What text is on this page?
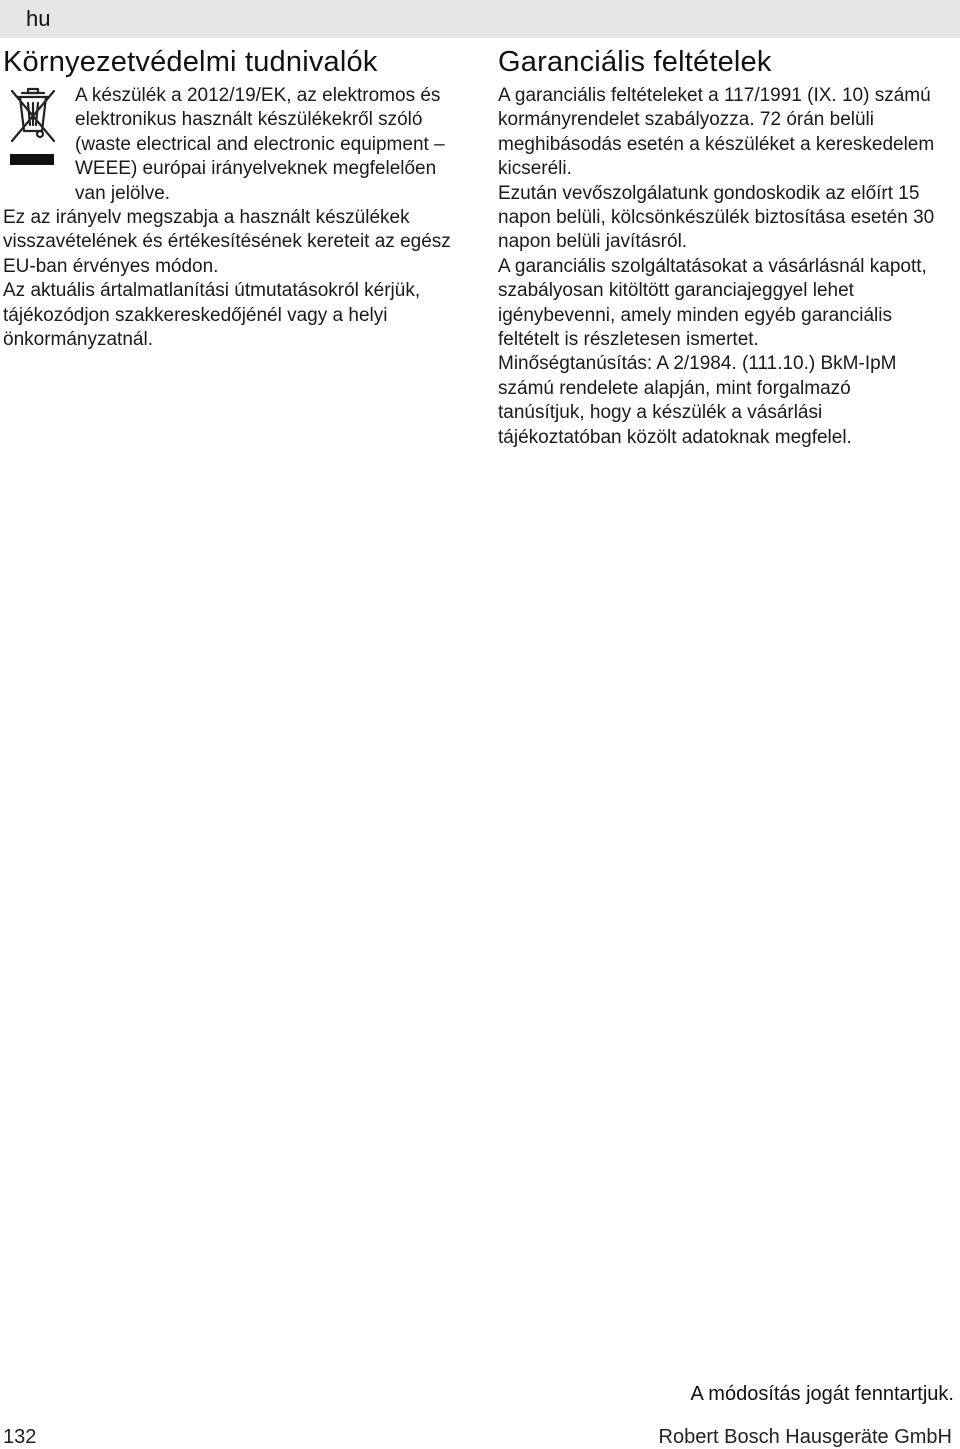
hu
Környezetvédelmi tudnivalók

A készülék a 2012/19/EK, az elektromos és elektronikus használt készülékekről szóló (waste electrical and electronic equipment – WEEE) európai irányelveknek megfelelően van jelölve.

Ez az irányelv megszabja a használt készülékek visszavételének és értékesítésének kereteit az egész EU-ban érvényes módon.

Az aktuális ártalmatlanítási útmutatásokról kérjük, tájékozódjon szakkereskedőjénél vagy a helyi önkormányzatnál.

Garanciális feltételek

A garanciális feltételeket a 117/1991 (IX. 10) számú kormányrendelet szabályozza. 72 órán belüli meghibásodás esetén a készüléket a kereskedelem kicseréli.

Ezután vevőszolgálatunk gondoskodik az előírt 15 napon belüli, kölcsönkészülék biztosítása esetén 30 napon belüli javításról.

A garanciális szolgáltatásokat a vásárlásnál kapott, szabályosan kitöltött garanciajeggyel lehet igénybevenni, amely minden egyéb garanciális feltételt is részletesen ismertet.

Minőségtanúsítás: A 2/1984. (111.10.) BkM-IpM számú rendelete alapján, mint forgalmazó tanúsítjuk, hogy a készülék a vásárlási tájékoztatóban közölt adatoknak megfelel.

A módosítás jogát fenntartjuk.
132	Robert Bosch Hausgeräte GmbH
